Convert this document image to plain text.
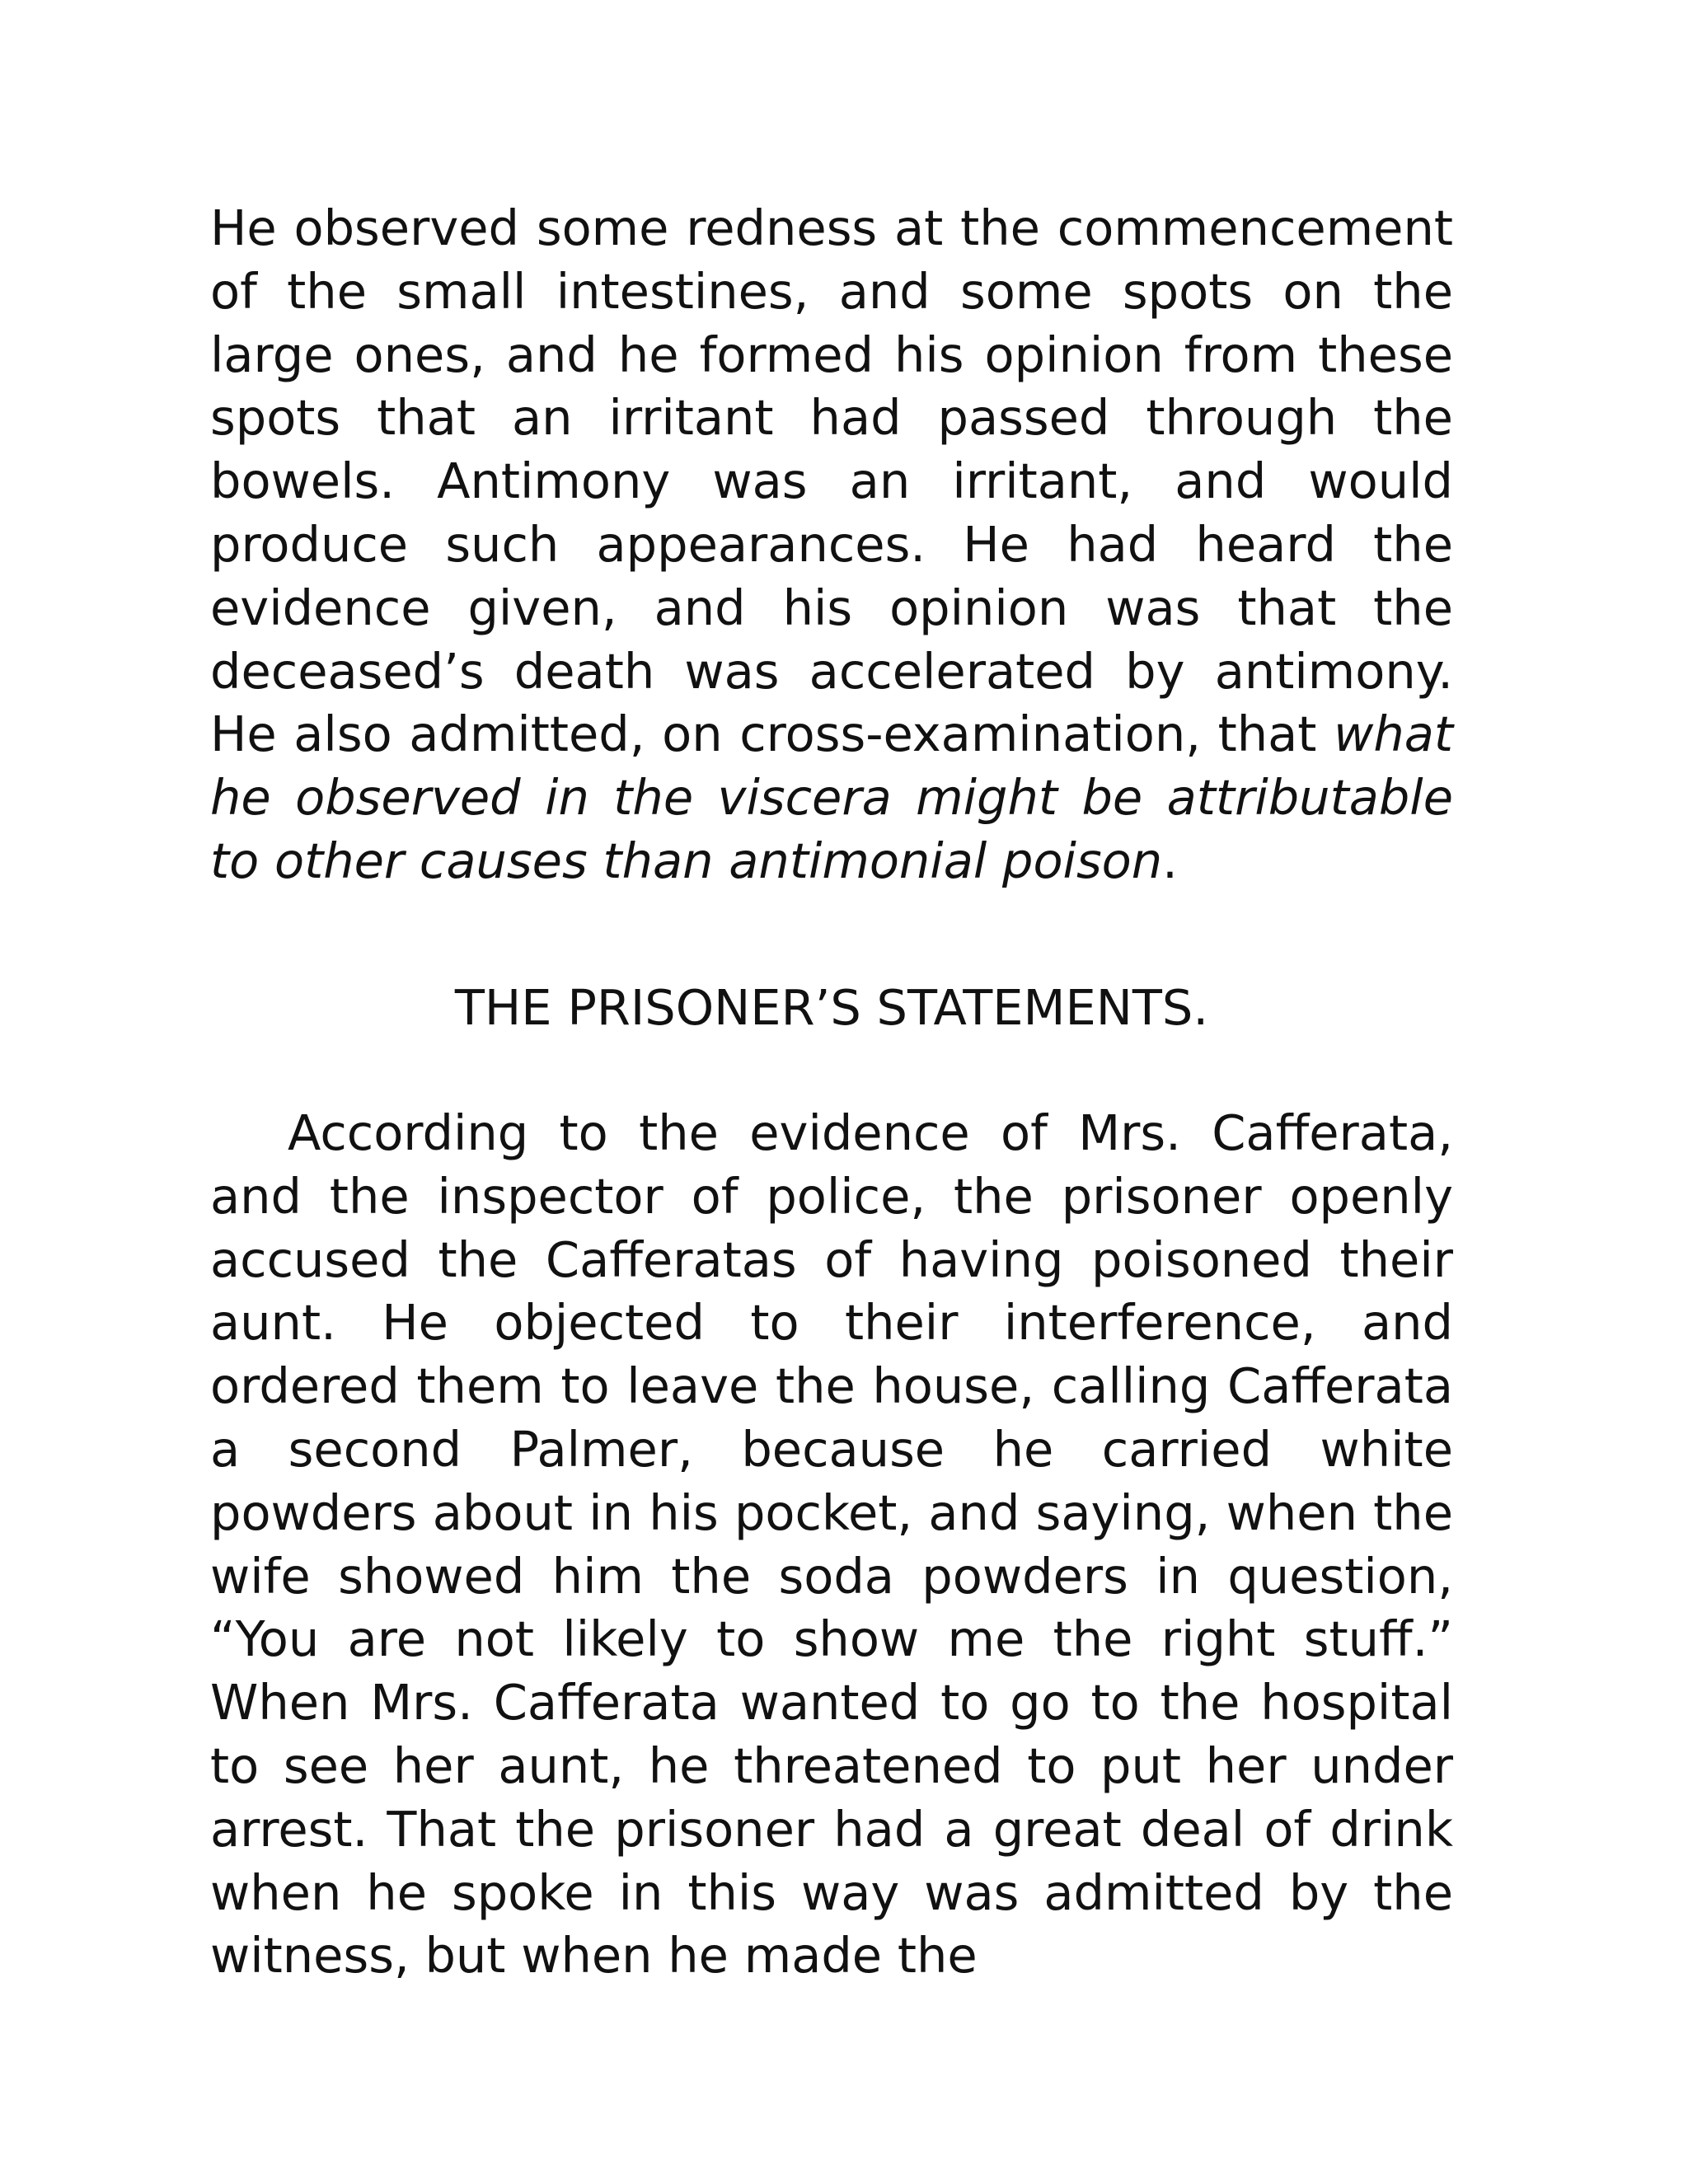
He observed some redness at the commencement of the small intestines, and some spots on the large ones, and he formed his opinion from these spots that an irritant had passed through the bowels. Antimony was an irritant, and would produce such appearances. He had heard the evidence given, and his opinion was that the deceased’s death was accelerated by antimony. He also admitted, on cross-examination, that what he observed in the viscera might be attributable to other causes than antimonial poison.

THE PRISONER’S STATEMENTS.

According to the evidence of Mrs. Cafferata, and the inspector of police, the prisoner openly accused the Cafferatas of having poisoned their aunt. He objected to their interference, and ordered them to leave the house, calling Cafferata a second Palmer, because he carried white powders about in his pocket, and saying, when the wife showed him the soda powders in question, “You are not likely to show me the right stuff.” When Mrs. Cafferata wanted to go to the hospital to see her aunt, he threatened to put her under arrest. That the prisoner had a great deal of drink when he spoke in this way was admitted by the witness, but when he made the
